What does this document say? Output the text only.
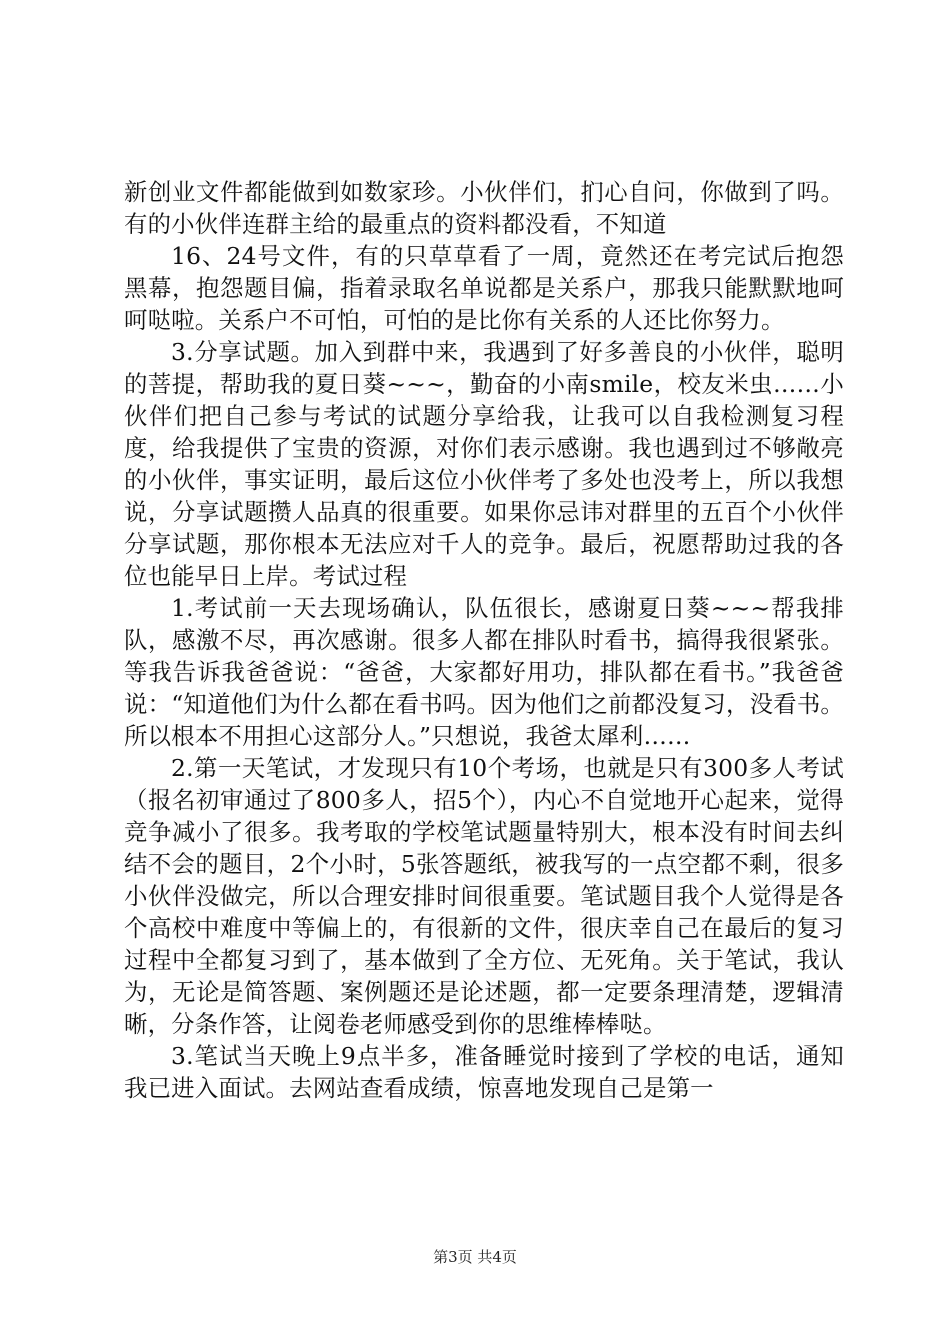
新创业文件都能做到如数家珍。小伙伴们，扪心自问，你做到了吗。有的小伙伴连群主给的最重点的资料都没看，不知道

16、24号文件，有的只草草看了一周，竟然还在考完试后抱怨黑幕，抱怨题目偏，指着录取名单说都是关系户，那我只能默默地呵呵哒啦。关系户不可怕，可怕的是比你有关系的人还比你努力。

3.分享试题。加入到群中来，我遇到了好多善良的小伙伴，聪明的菩提，帮助我的夏日葵~~~，勤奋的小南smile，校友米虫……小伙伴们把自己参与考试的试题分享给我，让我可以自我检测复习程度，给我提供了宝贵的资源，对你们表示感谢。我也遇到过不够敞亮的小伙伴，事实证明，最后这位小伙伴考了多处也没考上，所以我想说，分享试题攒人品真的很重要。如果你忌讳对群里的五百个小伙伴分享试题，那你根本无法应对千人的竞争。最后，祝愿帮助过我的各位也能早日上岸。考试过程

1.考试前一天去现场确认，队伍很长，感谢夏日葵~~~帮我排队，感激不尽，再次感谢。很多人都在排队时看书，搞得我很紧张。等我告诉我爸爸说：“爸爸，大家都好用功，排队都在看书。”我爸爸说：“知道他们为什么都在看书吗。因为他们之前都没复习，没看书。所以根本不用担心这部分人。”只想说，我爸太犀利……

2.第一天笔试，才发现只有10个考场，也就是只有300多人考试（报名初审通过了800多人，招5个），内心不自觉地开心起来，觉得竞争减小了很多。我考取的学校笔试题量特别大，根本没有时间去纠结不会的题目，2个小时，5张答题纸，被我写的一点空都不剩，很多小伙伴没做完，所以合理安排时间很重要。笔试题目我个人觉得是各个高校中难度中等偏上的，有很新的文件，很庆幸自己在最后的复习过程中全都复习到了，基本做到了全方位、无死角。关于笔试，我认为，无论是简答题、案例题还是论述题，都一定要条理清楚，逻辑清晰，分条作答，让阅卷老师感受到你的思维棒棒哒。

3.笔试当天晚上9点半多，准备睡觉时接到了学校的电话，通知我已进入面试。去网站查看成绩，惊喜地发现自己是第一

第3页 共4页
